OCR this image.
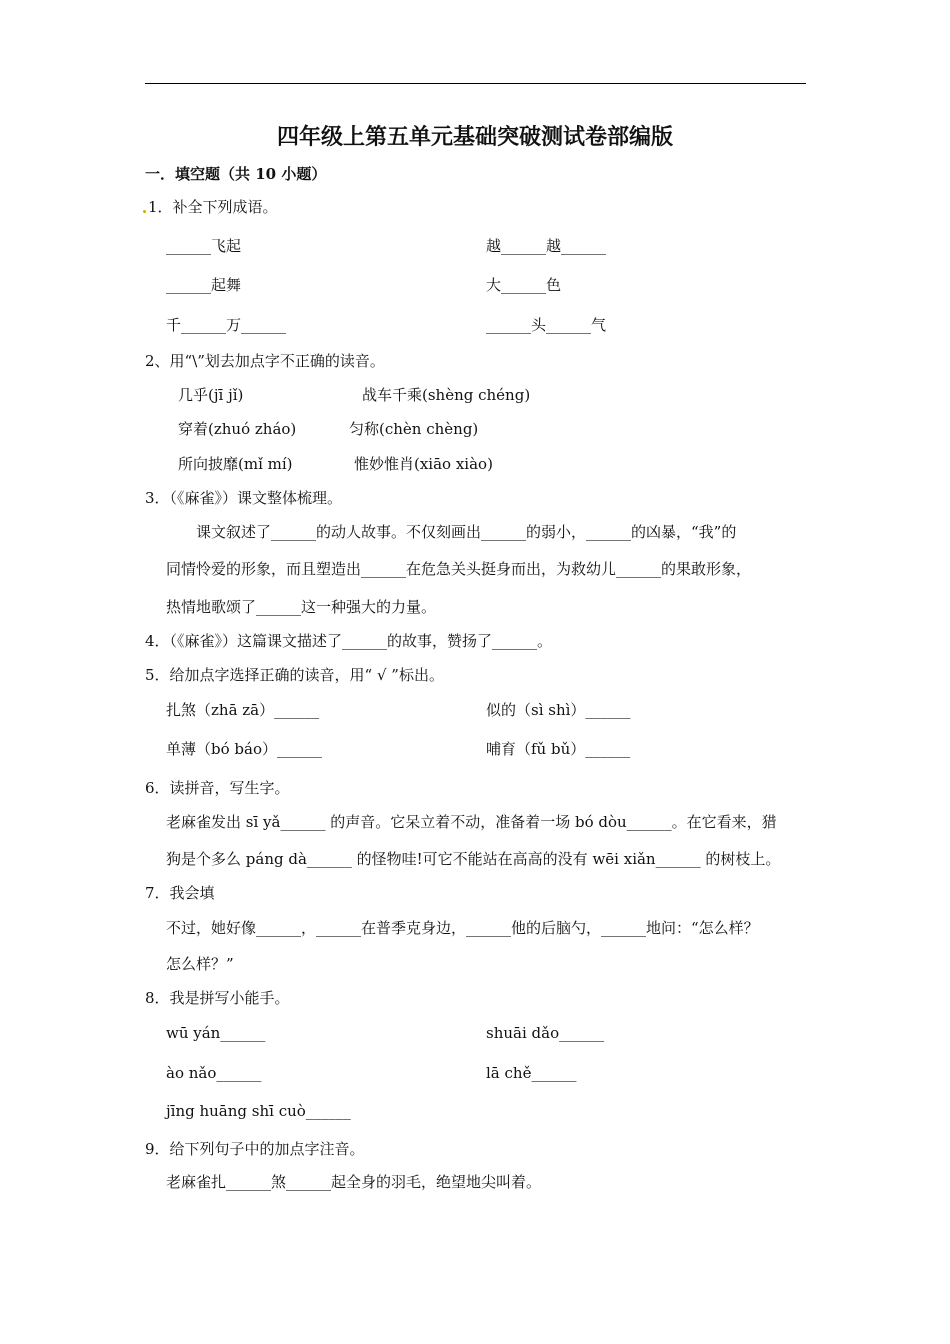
四年级上第五单元基础突破测试卷部编版
一．填空题（共 10 小题）
1．补全下列成语。
______飞起	越______越______
______起舞	大______色
千______万______	______头______气
2、用“\”划去加点字不正确的读音。
几乎(jī jǐ)	战车千乘(shèng chéng)
穿着(zhuó zháo)	匀称(chèn chèng)
所向披靡(mǐ mí)	惟妙惟肖(xiāo xiào)
3．（《麻雀》）课文整体梳理。
课文叙述了______的动人故事。不仅刻画出______的弱小，______的凶暴，“我”的
同情怜爱的形象，而且塑造出______在危急关头挺身而出，为救幼儿______的果敢形象，
热情地歌颂了______这一种强大的力量。
4．（《麻雀》）这篇课文描述了______的故事，赞扬了______。
5．给加点字选择正确的读音，用“ √ ”标出。
扎煞（zhā zā）______	似的（sì shì）______
单薄（bó báo）______	哺育（fǔ bǔ）______
6．读拼音，写生字。
老麻雀发出 sī yǎ______ 的声音。它呆立着不动，准备着一场 bó dòu______。在它看来，猎
狗是个多么 páng dà______ 的怪物哇!可它不能站在高高的没有 wēi xiǎn______ 的树枝上。
7．我会填
不过，她好像______，______在普季克身边，______他的后脑勺，______地问：“怎么样？
怎么样？”
8．我是拼写小能手。
wū yán______	shuāi dǎo______
ào nǎo______	lā chě______
jīng huāng shī cuò______
9．给下列句子中的加点字注音。
老麻雀扎______煞______起全身的羽毛，绝望地尖叫着。
